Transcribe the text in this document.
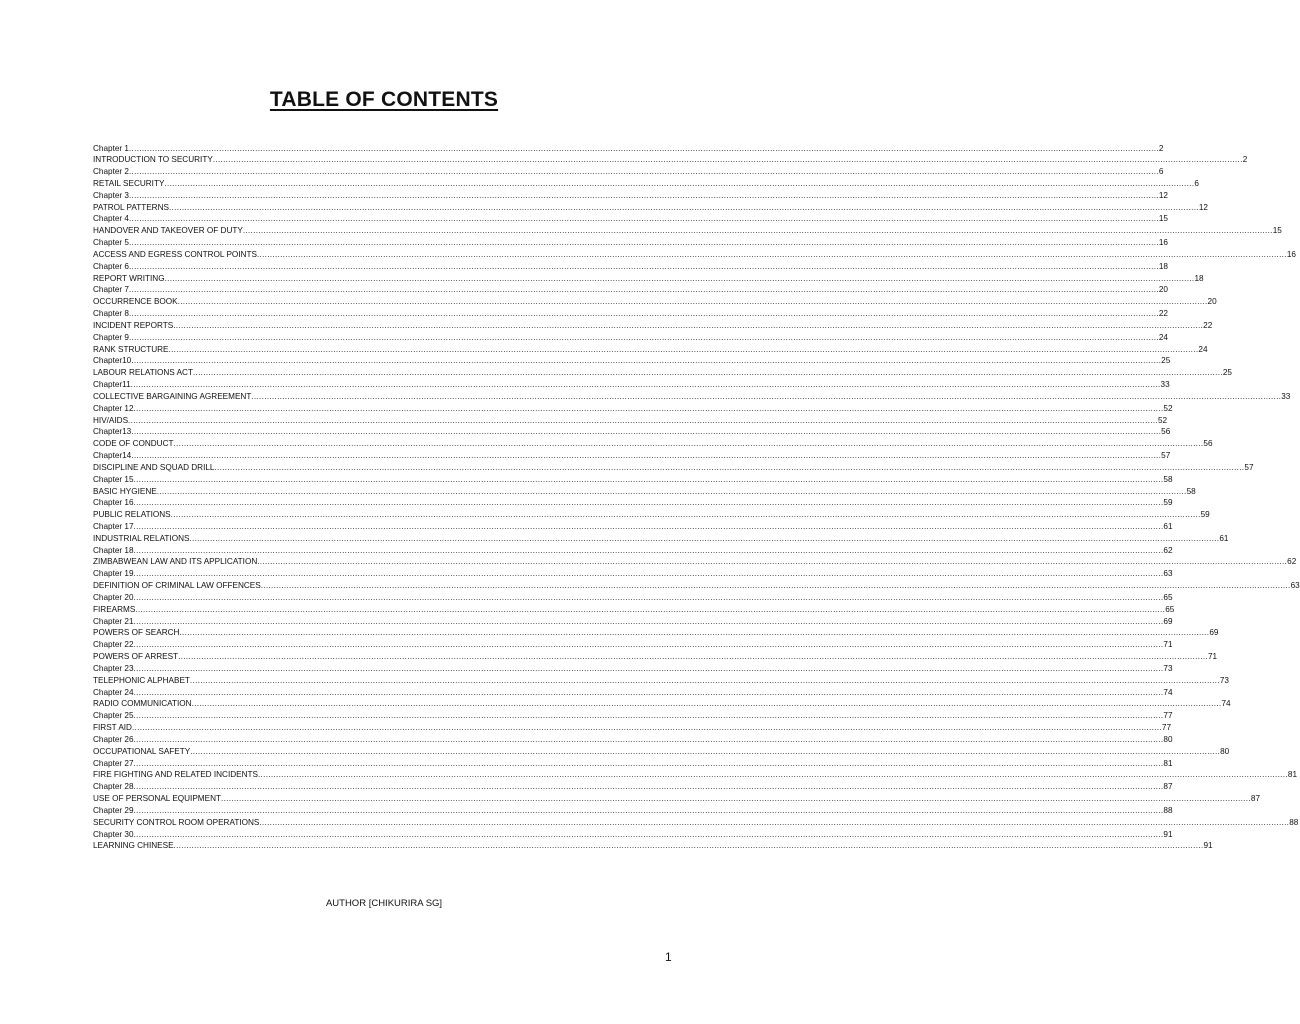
TABLE OF CONTENTS
Chapter 1 ................................................................................................................................................................................................................................................................................................................................................................................................................ 2
INTRODUCTION TO SECURITY ................................................................................................................................................................................................................................................................................................................................................................................................................ 2
Chapter 2 ................................................................................................................................................................................................................................................................................................................................................................................................................ 6
RETAIL SECURITY ................................................................................................................................................................................................................................................................................................................................................................................................................ 6
Chapter 3 ................................................................................................................................................................................................................................................................................................................................................................................................................ 12
PATROL PATTERNS ................................................................................................................................................................................................................................................................................................................................................................................................................ 12
Chapter 4 ................................................................................................................................................................................................................................................................................................................................................................................................................ 15
HANDOVER AND TAKEOVER OF DUTY ................................................................................................................................................................................................................................................................................................................................................................................................................ 15
Chapter 5 ................................................................................................................................................................................................................................................................................................................................................................................................................ 16
ACCESS AND EGRESS CONTROL POINTS ................................................................................................................................................................................................................................................................................................................................................................................................................ 16
Chapter 6 ................................................................................................................................................................................................................................................................................................................................................................................................................ 18
REPORT WRITING ................................................................................................................................................................................................................................................................................................................................................................................................................ 18
Chapter 7 ................................................................................................................................................................................................................................................................................................................................................................................................................ 20
OCCURRENCE BOOK ................................................................................................................................................................................................................................................................................................................................................................................................................ 20
Chapter 8 ................................................................................................................................................................................................................................................................................................................................................................................................................ 22
INCIDENT REPORTS ................................................................................................................................................................................................................................................................................................................................................................................................................ 22
Chapter 9 ................................................................................................................................................................................................................................................................................................................................................................................................................ 24
RANK STRUCTURE ................................................................................................................................................................................................................................................................................................................................................................................................................ 24
Chapter10 ................................................................................................................................................................................................................................................................................................................................................................................................................ 25
LABOUR RELATIONS ACT ................................................................................................................................................................................................................................................................................................................................................................................................................ 25
Chapter11 ................................................................................................................................................................................................................................................................................................................................................................................................................ 33
COLLECTIVE BARGAINING AGREEMENT ................................................................................................................................................................................................................................................................................................................................................................................................................ 33
Chapter 12 ................................................................................................................................................................................................................................................................................................................................................................................................................ 52
HIV/AIDS ................................................................................................................................................................................................................................................................................................................................................................................................................ 52
Chapter13 ................................................................................................................................................................................................................................................................................................................................................................................................................ 56
CODE OF CONDUCT ................................................................................................................................................................................................................................................................................................................................................................................................................ 56
Chapter14 ................................................................................................................................................................................................................................................................................................................................................................................................................ 57
DISCIPLINE AND SQUAD DRILL ................................................................................................................................................................................................................................................................................................................................................................................................................ 57
Chapter 15 ................................................................................................................................................................................................................................................................................................................................................................................................................ 58
BASIC HYGIENE ................................................................................................................................................................................................................................................................................................................................................................................................................ 58
Chapter 16 ................................................................................................................................................................................................................................................................................................................................................................................................................ 59
PUBLIC RELATIONS ................................................................................................................................................................................................................................................................................................................................................................................................................ 59
Chapter 17 ................................................................................................................................................................................................................................................................................................................................................................................................................ 61
INDUSTRIAL RELATIONS ................................................................................................................................................................................................................................................................................................................................................................................................................ 61
Chapter 18 ................................................................................................................................................................................................................................................................................................................................................................................................................ 62
ZIMBABWEAN LAW AND ITS APPLICATION ................................................................................................................................................................................................................................................................................................................................................................................................................ 62
Chapter 19 ................................................................................................................................................................................................................................................................................................................................................................................................................ 63
DEFINITION OF CRIMINAL LAW OFFENCES ................................................................................................................................................................................................................................................................................................................................................................................................................ 63
Chapter 20 ................................................................................................................................................................................................................................................................................................................................................................................................................ 65
FIREARMS ................................................................................................................................................................................................................................................................................................................................................................................................................ 65
Chapter 21 ................................................................................................................................................................................................................................................................................................................................................................................................................ 69
POWERS OF SEARCH ................................................................................................................................................................................................................................................................................................................................................................................................................ 69
Chapter 22 ................................................................................................................................................................................................................................................................................................................................................................................................................ 71
POWERS OF ARREST ................................................................................................................................................................................................................................................................................................................................................................................................................ 71
Chapter 23 ................................................................................................................................................................................................................................................................................................................................................................................................................ 73
TELEPHONIC ALPHABET ................................................................................................................................................................................................................................................................................................................................................................................................................ 73
Chapter 24 ................................................................................................................................................................................................................................................................................................................................................................................................................ 74
RADIO COMMUNICATION ................................................................................................................................................................................................................................................................................................................................................................................................................ 74
Chapter 25 ................................................................................................................................................................................................................................................................................................................................................................................................................ 77
FIRST AID ................................................................................................................................................................................................................................................................................................................................................................................................................ 77
Chapter 26 ................................................................................................................................................................................................................................................................................................................................................................................................................ 80
OCCUPATIONAL SAFETY ................................................................................................................................................................................................................................................................................................................................................................................................................ 80
Chapter 27 ................................................................................................................................................................................................................................................................................................................................................................................................................ 81
FIRE FIGHTING AND RELATED INCIDENTS ................................................................................................................................................................................................................................................................................................................................................................................................................ 81
Chapter 28 ................................................................................................................................................................................................................................................................................................................................................................................................................ 87
USE OF PERSONAL EQUIPMENT ................................................................................................................................................................................................................................................................................................................................................................................................................ 87
Chapter 29 ................................................................................................................................................................................................................................................................................................................................................................................................................ 88
SECURITY CONTROL ROOM OPERATIONS ................................................................................................................................................................................................................................................................................................................................................................................................................ 88
Chapter 30 ................................................................................................................................................................................................................................................................................................................................................................................................................ 91
LEARNING CHINESE ................................................................................................................................................................................................................................................................................................................................................................................................................ 91
AUTHOR [CHIKURIRA SG]
1
